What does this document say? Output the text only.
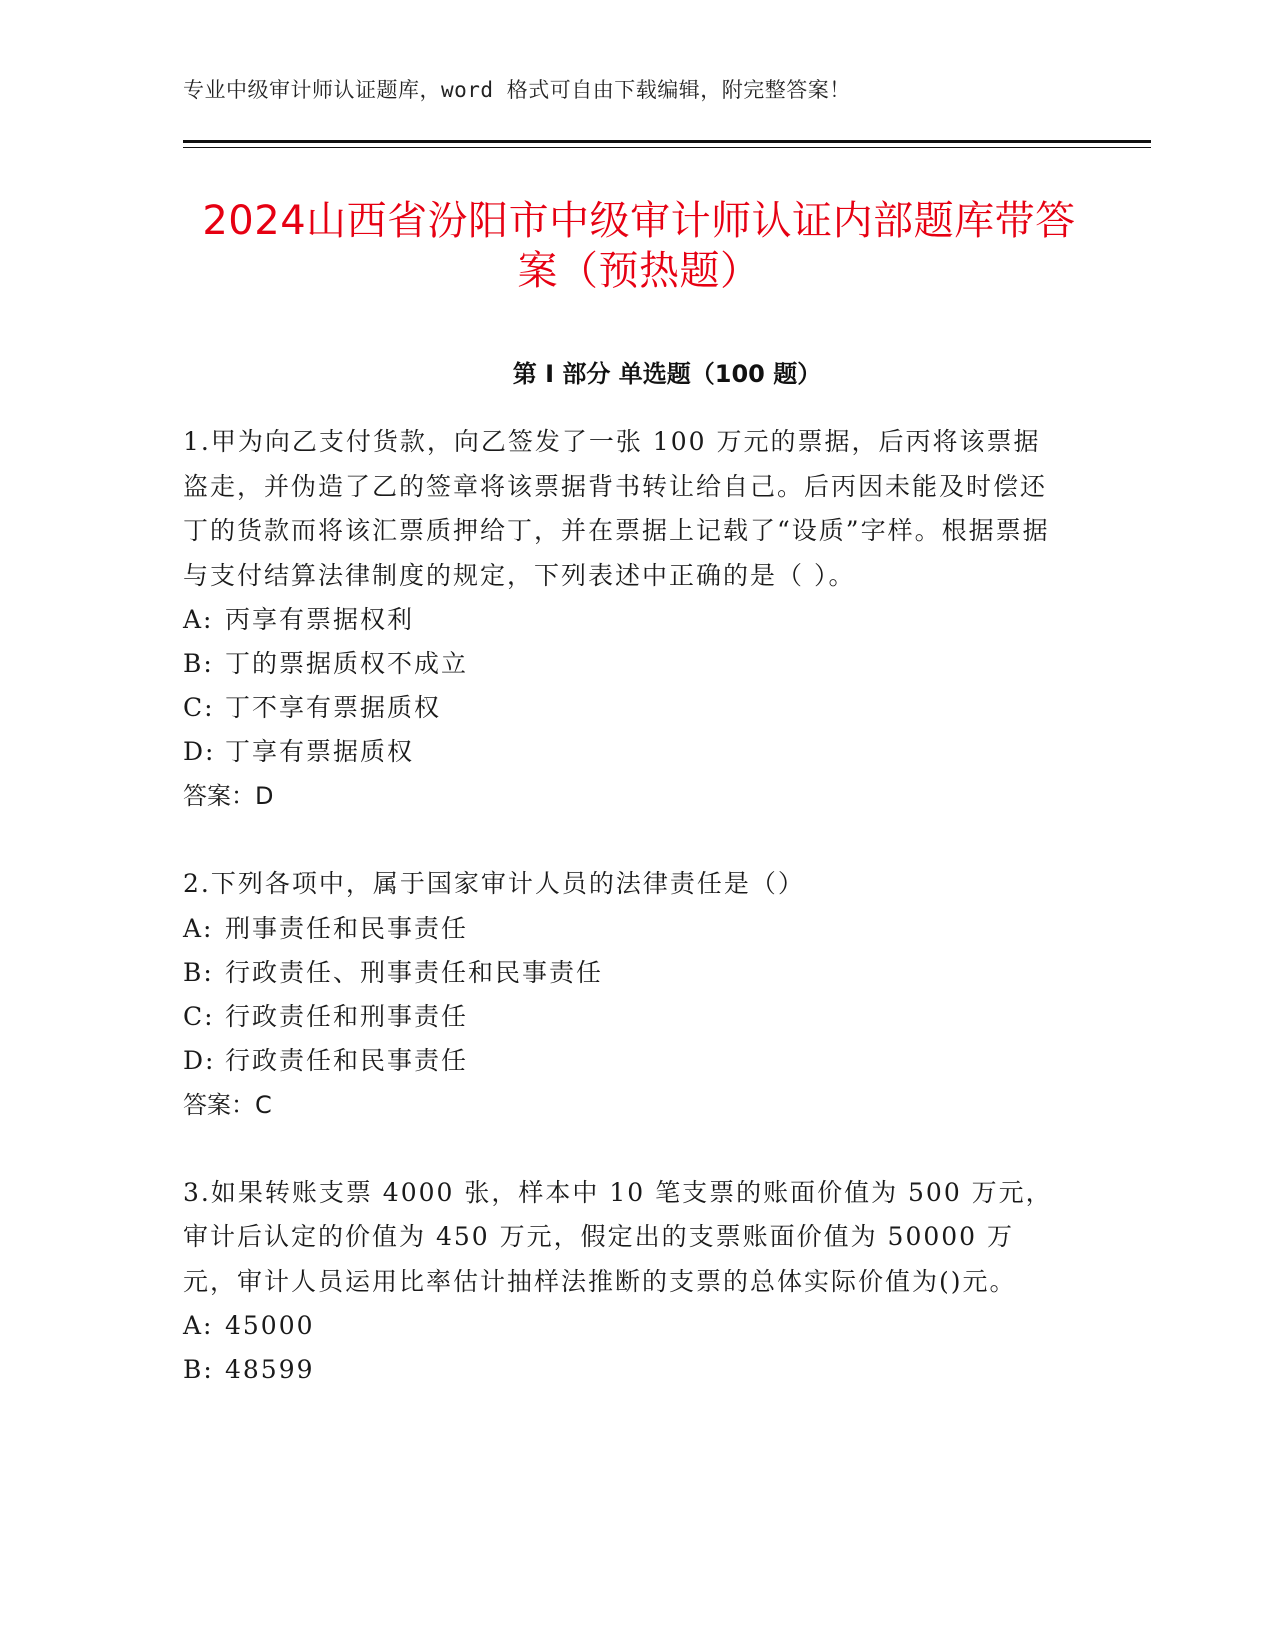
专业中级审计师认证题库，word 格式可自由下载编辑，附完整答案！
2024山西省汾阳市中级审计师认证内部题库带答案（预热题）
第 I 部分 单选题（100 题）

1.甲为向乙支付货款，向乙签发了一张 100 万元的票据，后丙将该票据盗走，并伪造了乙的签章将该票据背书转让给自己。后丙因未能及时偿还丁的货款而将该汇票质押给丁，并在票据上记载了“设质”字样。根据票据与支付结算法律制度的规定，下列表述中正确的是（ ）。

A: 丙享有票据权利

B: 丁的票据质权不成立

C: 丁不享有票据质权

D: 丁享有票据质权

答案：D

2.下列各项中，属于国家审计人员的法律责任是（）

A: 刑事责任和民事责任

B: 行政责任、刑事责任和民事责任

C: 行政责任和刑事责任

D: 行政责任和民事责任

答案：C

3.如果转账支票 4000 张，样本中 10 笔支票的账面价值为 500 万元，审计后认定的价值为 450 万元，假定出的支票账面价值为 50000 万元，审计人员运用比率估计抽样法推断的支票的总体实际价值为()元。

A: 45000

B: 48599
